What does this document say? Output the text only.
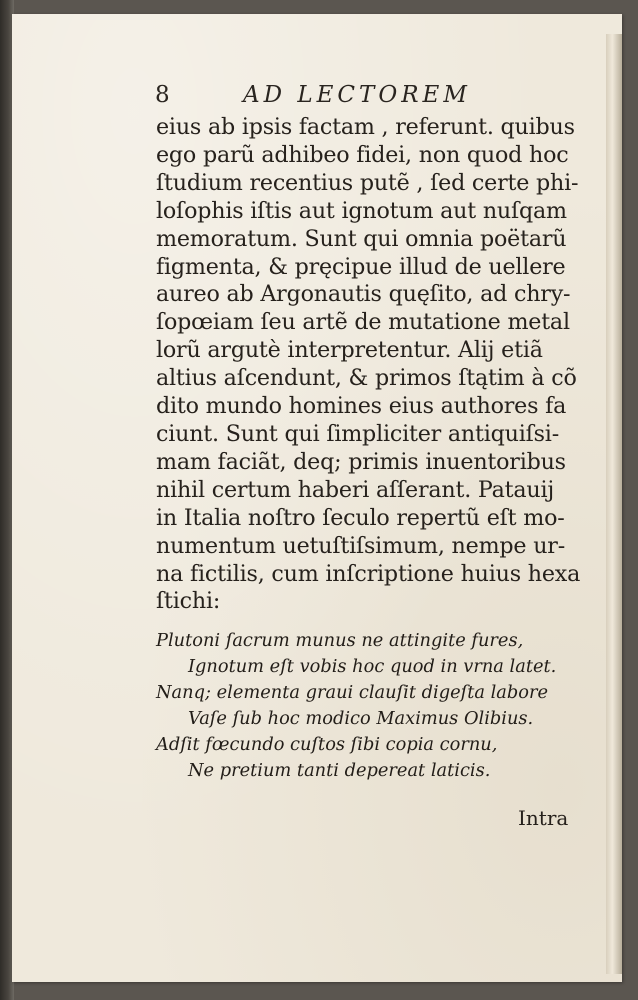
8	AD LECTOREM
eius ab ipsis factam , referunt. quibus
ego parũ adhibeo fidei, non quod hoc
ſtudium recentius putẽ , ſed certe phi-
loſophis iſtis aut ignotum aut nuſqam
memoratum. Sunt qui omnia poëtarũ
figmenta, & pręcipue illud de uellere
aureo ab Argonautis quęſito, ad chry-
ſopœiam ſeu artẽ de mutatione metal
lorũ argutè interpretentur. Alij etiã
altius aſcendunt, & primos ſtątim à cõ
dito mundo homines eius authores fa
ciunt. Sunt qui ſimpliciter antiquiſsi-
mam faciãt, deq; primis inuentoribus
nihil certum haberi aſſerant. Patauij
in Italia noſtro ſeculo repertũ eſt mo-
numentum uetuſtiſsimum, nempe ur-
na fictilis, cum inſcriptione huius hexa
ſtichi:
Plutoni ſacrum munus ne attingite fures,
Ignotum eſt vobis hoc quod in vrna latet.
Nanq; elementa graui clauſit digeſta labore
Vaſe ſub hoc modico Maximus Olibius.
Adſit fœcundo cuſtos ſibi copia cornu,
Ne pretium tanti depereat laticis.
Intra
